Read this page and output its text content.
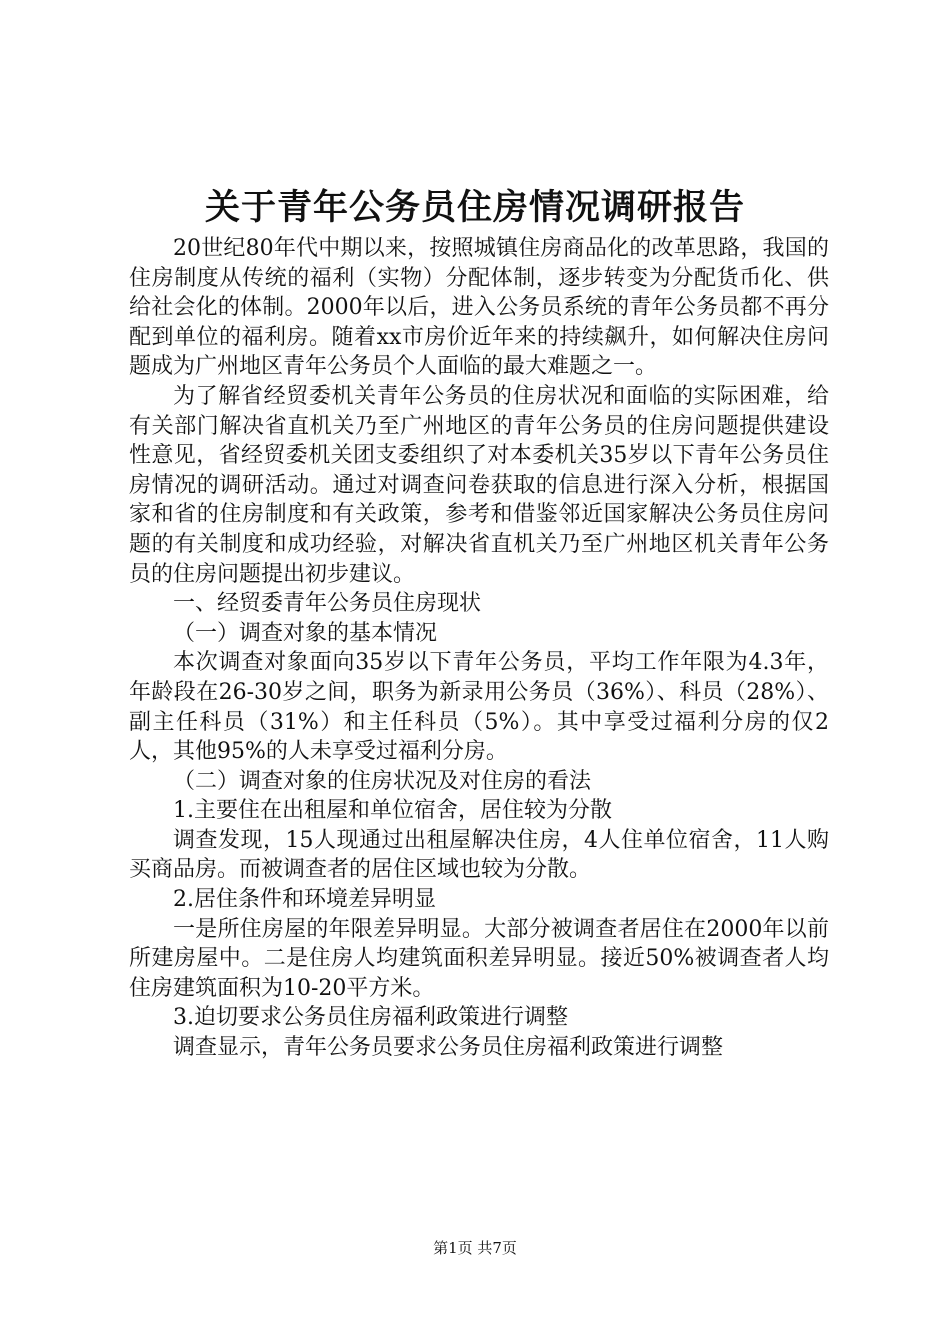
关于青年公务员住房情况调研报告

20世纪80年代中期以来，按照城镇住房商品化的改革思路，我国的住房制度从传统的福利（实物）分配体制，逐步转变为分配货币化、供给社会化的体制。2000年以后，进入公务员系统的青年公务员都不再分配到单位的福利房。随着xx市房价近年来的持续飙升，如何解决住房问题成为广州地区青年公务员个人面临的最大难题之一。

为了解省经贸委机关青年公务员的住房状况和面临的实际困难，给有关部门解决省直机关乃至广州地区的青年公务员的住房问题提供建设性意见，省经贸委机关团支委组织了对本委机关35岁以下青年公务员住房情况的调研活动。通过对调查问卷获取的信息进行深入分析，根据国家和省的住房制度和有关政策，参考和借鉴邻近国家解决公务员住房问题的有关制度和成功经验，对解决省直机关乃至广州地区机关青年公务员的住房问题提出初步建议。

一、经贸委青年公务员住房现状

（一）调查对象的基本情况

本次调查对象面向35岁以下青年公务员，平均工作年限为4.3年，年龄段在26-30岁之间，职务为新录用公务员（36%）、科员（28%）、副主任科员（31%）和主任科员（5%）。其中享受过福利分房的仅2人，其他95%的人未享受过福利分房。

（二）调查对象的住房状况及对住房的看法

1.主要住在出租屋和单位宿舍，居住较为分散

调查发现，15人现通过出租屋解决住房，4人住单位宿舍，11人购买商品房。而被调查者的居住区域也较为分散。

2.居住条件和环境差异明显

一是所住房屋的年限差异明显。大部分被调查者居住在2000年以前所建房屋中。二是住房人均建筑面积差异明显。接近50%被调查者人均住房建筑面积为10-20平方米。

3.迫切要求公务员住房福利政策进行调整

调查显示，青年公务员要求公务员住房福利政策进行调整

第1页 共7页
